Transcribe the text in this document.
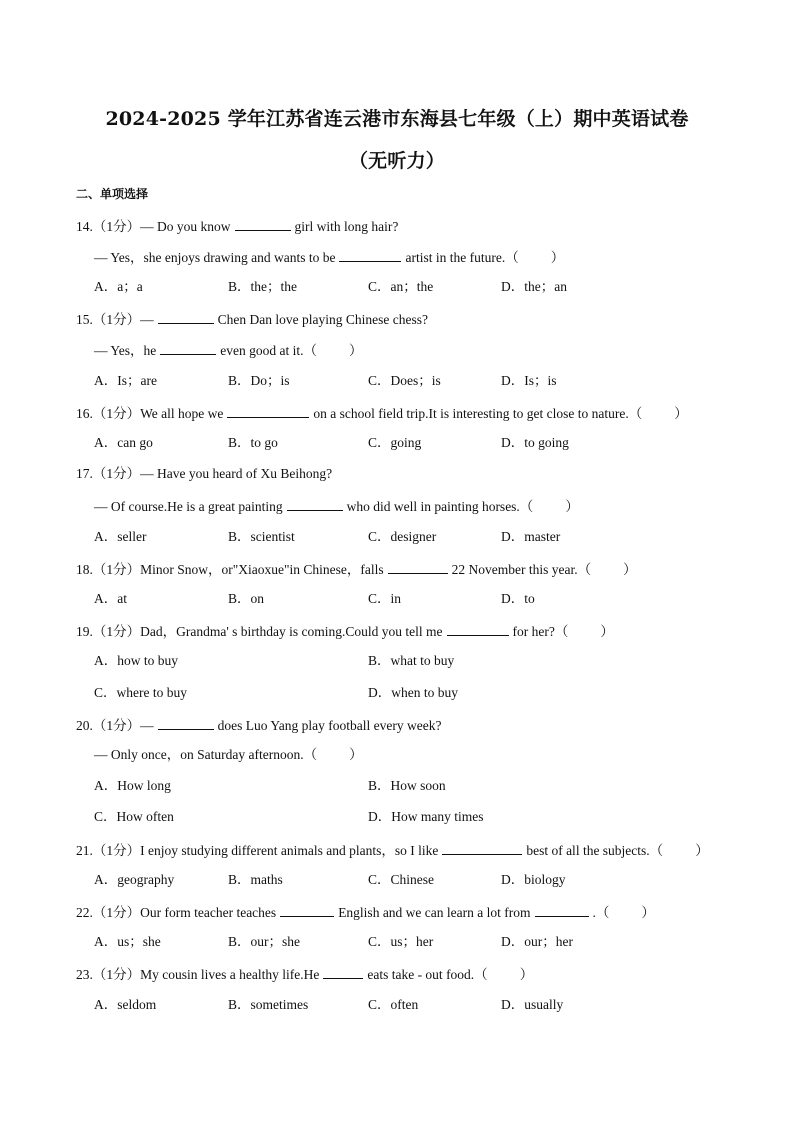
2024-2025 学年江苏省连云港市东海县七年级（上）期中英语试卷
（无听力）
二、单项选择
14.（1分）— Do you know	girl with long hair?
— Yes，she enjoys drawing and wants to be	artist in the future.（ ）
A．a；a	B．the；the	C．an；the	D．the；an
15.（1分）—	Chen Dan love playing Chinese chess?
— Yes，he	even good at it.（ ）
A．Is；are	B．Do；is	C．Does；is	D．Is；is
16.（1分）We all hope we	on a school field trip.It is interesting to get close to nature.（ ）
A．can go	B．to go	C．going	D．to going
17.（1分）— Have you heard of Xu Beihong?
— Of course.He is a great painting	who did well in painting horses.（ ）
A．seller	B．scientist	C．designer	D．master
18.（1分）Minor Snow，or"Xiaoxue"in Chinese，falls	22 November this year.（ ）
A．at	B．on	C．in	D．to
19.（1分）Dad，Grandma' s birthday is coming.Could you tell me	for her?（ ）
A．how to buy	B．what to buy
C．where to buy	D．when to buy
20.（1分）—	does Luo Yang play football every week?
— Only once，on Saturday afternoon.（ ）
A．How long	B．How soon
C．How often	D．How many times
21.（1分）I enjoy studying different animals and plants，so I like	best of all the subjects.（ ）
A．geography	B．maths	C．Chinese	D．biology
22.（1分）Our form teacher teaches	English and we can learn a lot from	.（ ）
A．us；she	B．our；she	C．us；her	D．our；her
23.（1分）My cousin lives a healthy life.He	eats take - out food.（ ）
A．seldom	B．sometimes	C．often	D．usually
